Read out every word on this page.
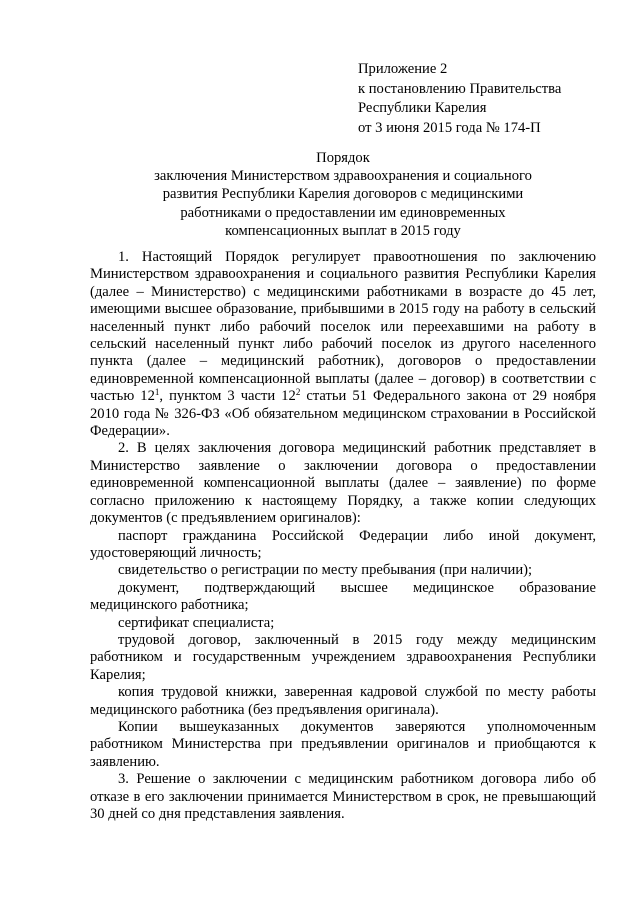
Приложение 2
к постановлению Правительства
Республики Карелия
от 3 июня 2015 года № 174-П
Порядок
заключения Министерством здравоохранения и социального
развития Республики Карелия договоров с медицинскими
работниками о предоставлении им единовременных
компенсационных выплат в 2015 году

1. Настоящий Порядок регулирует правоотношения по заключению Министерством здравоохранения и социального развития Республики Карелия (далее – Министерство) с медицинскими работниками в возрасте до 45 лет, имеющими высшее образование, прибывшими в 2015 году на работу в сельский населенный пункт либо рабочий поселок или переехавшими на работу в сельский населенный пункт либо рабочий поселок из другого населенного пункта (далее – медицинский работник), договоров о предоставлении единовременной компенсационной выплаты (далее – договор) в соответствии с частью $12^1$, пунктом 3 части $12^2$ статьи 51 Федерального закона от 29 ноября 2010 года № 326-ФЗ «Об обязательном медицинском страховании в Российской Федерации».

2. В целях заключения договора медицинский работник представляет в Министерство заявление о заключении договора о предоставлении единовременной компенсационной выплаты (далее – заявление) по форме согласно приложению к настоящему Порядку, а также копии следующих документов (с предъявлением оригиналов):

паспорт гражданина Российской Федерации либо иной документ, удостоверяющий личность;

свидетельство о регистрации по месту пребывания (при наличии);

документ, подтверждающий высшее медицинское образование медицинского работника;

сертификат специалиста;

трудовой договор, заключенный в 2015 году между медицинским работником и государственным учреждением здравоохранения Республики Карелия;

копия трудовой книжки, заверенная кадровой службой по месту работы медицинского работника (без предъявления оригинала).

Копии вышеуказанных документов заверяются уполномоченным работником Министерства при предъявлении оригиналов и приобщаются к заявлению.

3. Решение о заключении с медицинским работником договора либо об отказе в его заключении принимается Министерством в срок, не превышающий 30 дней со дня представления заявления.
